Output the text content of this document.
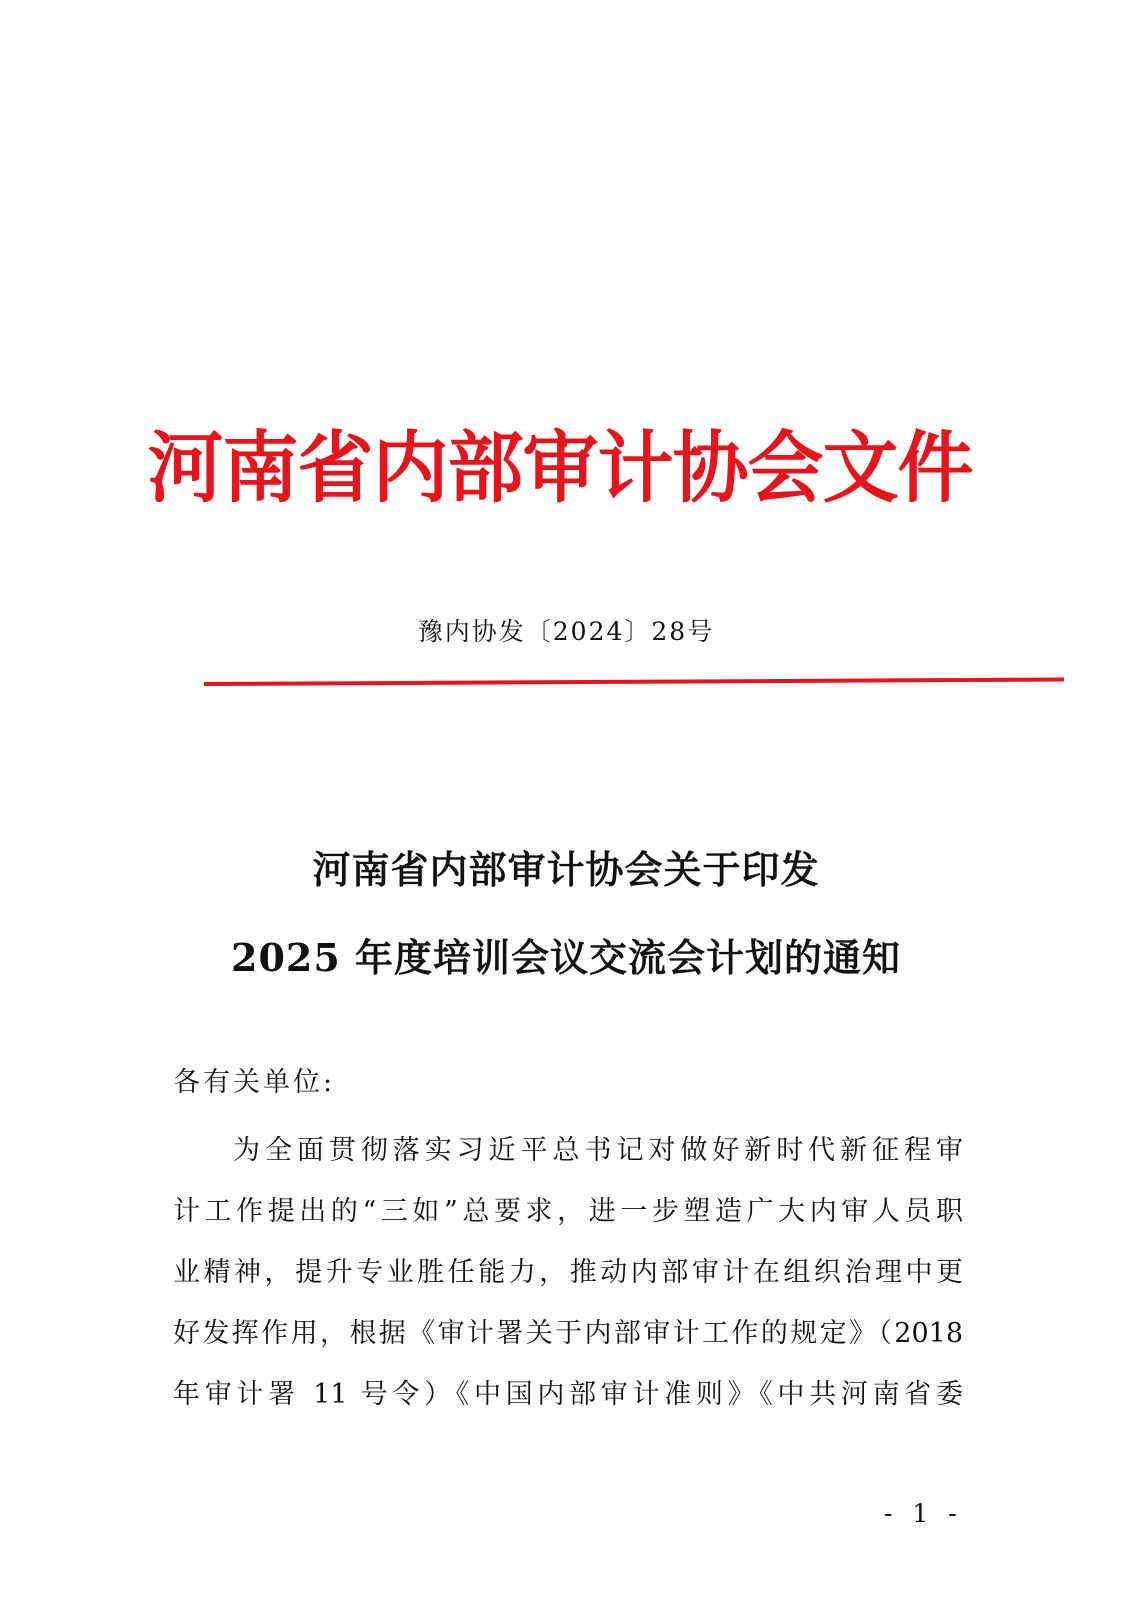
河南省内部审计协会文件
豫内协发〔2024〕28号
河南省内部审计协会关于印发
2025 年度培训会议交流会计划的通知
各有关单位:
为全面贯彻落实习近平总书记对做好新时代新征程审
计工作提出的“三如”总要求，进一步塑造广大内审人员职
业精神，提升专业胜任能力，推动内部审计在组织治理中更
好发挥作用，根据《审计署关于内部审计工作的规定》（2018
年审计署 11 号令）《中国内部审计准则》《中共河南省委
- 1 -
